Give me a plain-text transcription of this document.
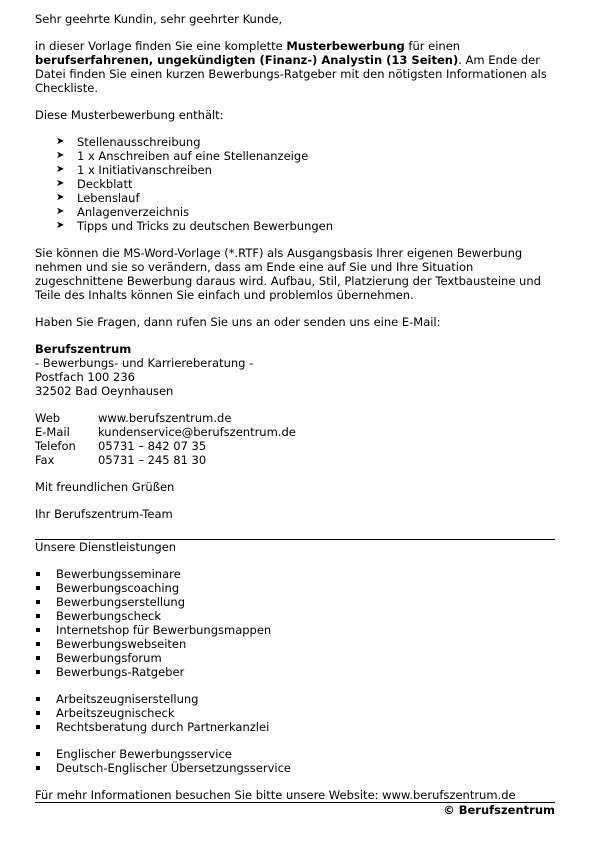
Sehr geehrte Kundin, sehr geehrter Kunde,

in dieser Vorlage finden Sie eine komplette Musterbewerbung für einen berufserfahrenen, ungekündigten (Finanz-) Analystin (13 Seiten). Am Ende der Datei finden Sie einen kurzen Bewerbungs-Ratgeber mit den nötigsten Informationen als Checkliste.

Diese Musterbewerbung enthält:

➤ Stellenausschreibung
➤ 1 x Anschreiben auf eine Stellenanzeige
➤ 1 x Initiativanschreiben
➤ Deckblatt
➤ Lebenslauf
➤ Anlagenverzeichnis
➤ Tipps und Tricks zu deutschen Bewerbungen

Sie können die MS-Word-Vorlage (*.RTF) als Ausgangsbasis Ihrer eigenen Bewerbung nehmen und sie so verändern, dass am Ende eine auf Sie und Ihre Situation zugeschnittene Bewerbung daraus wird. Aufbau, Stil, Platzierung der Textbausteine und Teile des Inhalts können Sie einfach und problemlos übernehmen.

Haben Sie Fragen, dann rufen Sie uns an oder senden uns eine E-Mail:

Berufszentrum

- Bewerbungs- und Karriereberatung -

Postfach 100 236

32502 Bad Oeynhausen

Web	www.berufszentrum.de
E-Mail	kundenservice@berufszentrum.de
Telefon	05731 – 842 07 35
Fax	05731 – 245 81 30

Mit freundlichen Grüßen

Ihr Berufszentrum-Team

Unsere Dienstleistungen

Bewerbungsseminare
Bewerbungscoaching
Bewerbungserstellung
Bewerbungscheck
Internetshop für Bewerbungsmappen
Bewerbungswebseiten
Bewerbungsforum
Bewerbungs-Ratgeber
Arbeitszeugniserstellung
Arbeitszeugnischeck
Rechtsberatung durch Partnerkanzlei
Englischer Bewerbungsservice
Deutsch-Englischer Übersetzungsservice

Für mehr Informationen besuchen Sie bitte unsere Website: www.berufszentrum.de

© Berufszentrum
